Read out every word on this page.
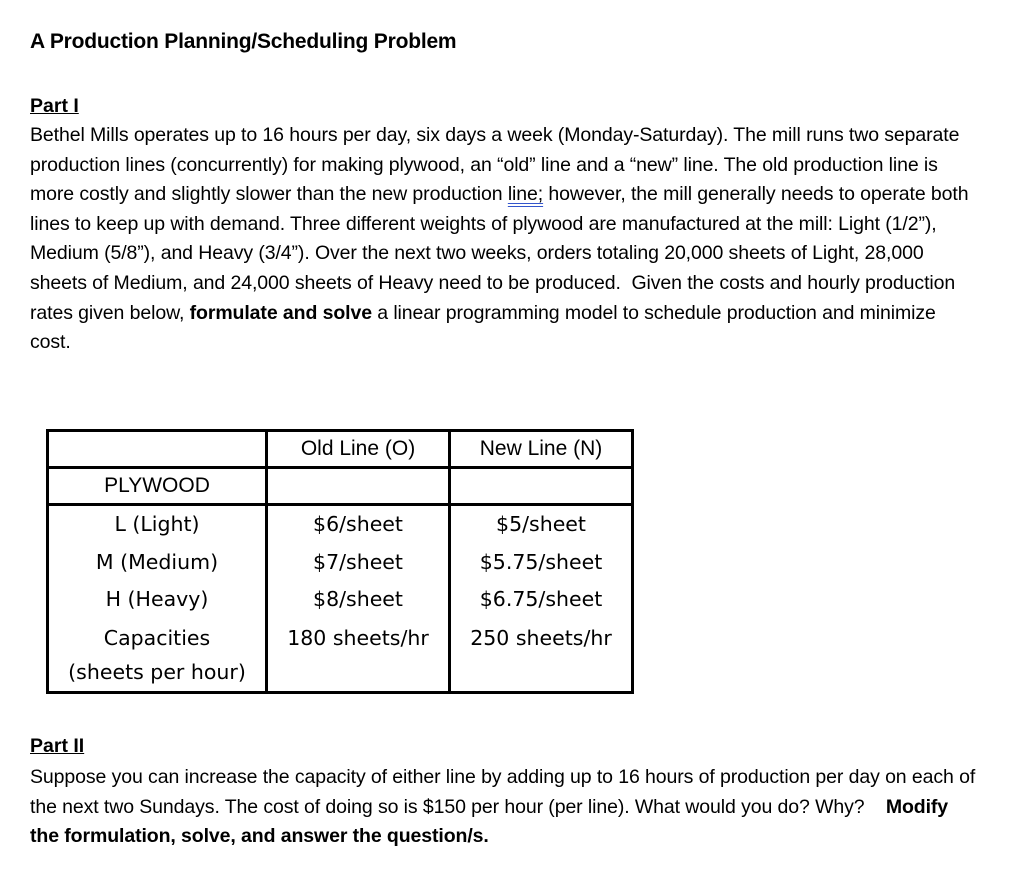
A Production Planning/Scheduling Problem
Part I
Bethel Mills operates up to 16 hours per day, six days a week (Monday-Saturday). The mill runs two separate production lines (concurrently) for making plywood, an “old” line and a “new” line. The old production line is more costly and slightly slower than the new production line; however, the mill generally needs to operate both lines to keep up with demand. Three different weights of plywood are manufactured at the mill: Light (1/2”), Medium (5/8”), and Heavy (3/4”). Over the next two weeks, orders totaling 20,000 sheets of Light, 28,000 sheets of Medium, and 24,000 sheets of Heavy need to be produced.  Given the costs and hourly production rates given below, formulate and solve a linear programming model to schedule production and minimize cost.
	Old Line (O)	New Line (N)
PLYWOOD		
L (Light)	$6/sheet	$5/sheet
M (Medium)	$7/sheet	$5.75/sheet
H (Heavy)	$8/sheet	$6.75/sheet

Capacities
(sheets per hour)	180 sheets/hr	250 sheets/hr
Part II
Suppose you can increase the capacity of either line by adding up to 16 hours of production per day on each of the next two Sundays. The cost of doing so is $150 per hour (per line). What would you do? Why?    Modify the formulation, solve, and answer the question/s.
